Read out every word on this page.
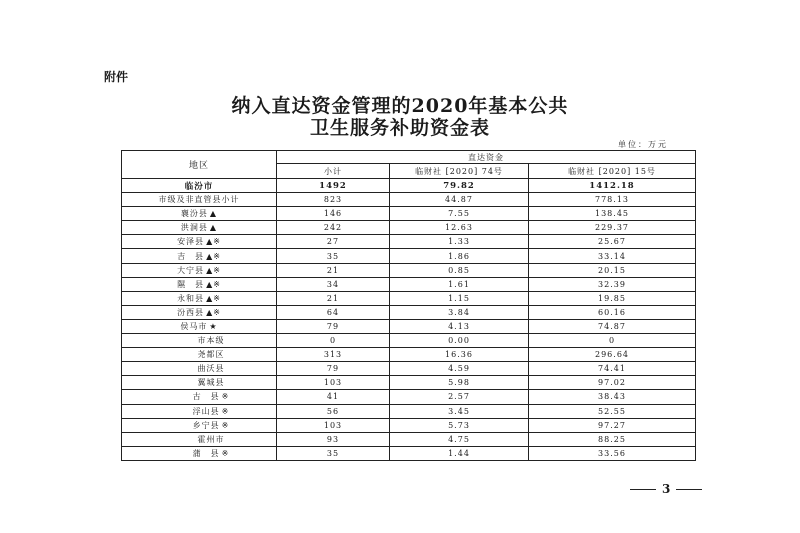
附件
纳入直达资金管理的2020年基本公共
卫生服务补助资金表
单位：万元
地区	直达资金		
	小计	临财社 [2020] 74号	临财社 [2020] 15号
临汾市	1492	79.82	1412.18
市级及非直管县小计	823	44.87	778.13
襄汾县 ▲	146	7.55	138.45
洪洞县 ▲	242	12.63	229.37
安泽县 ▲※	27	1.33	25.67
吉　县 ▲※	35	1.86	33.14
大宁县 ▲※	21	0.85	20.15
隰　县 ▲※	34	1.61	32.39
永和县 ▲※	21	1.15	19.85
汾西县 ▲※	64	3.84	60.16
侯马市 ★	79	4.13	74.87
市本级	0	0.00	0
尧都区	313	16.36	296.64
曲沃县	79	4.59	74.41
翼城县	103	5.98	97.02
古　县 ※	41	2.57	38.43
浮山县 ※	56	3.45	52.55
乡宁县 ※	103	5.73	97.27
霍州市	93	4.75	88.25
蒲　县 ※	35	1.44	33.56
3
